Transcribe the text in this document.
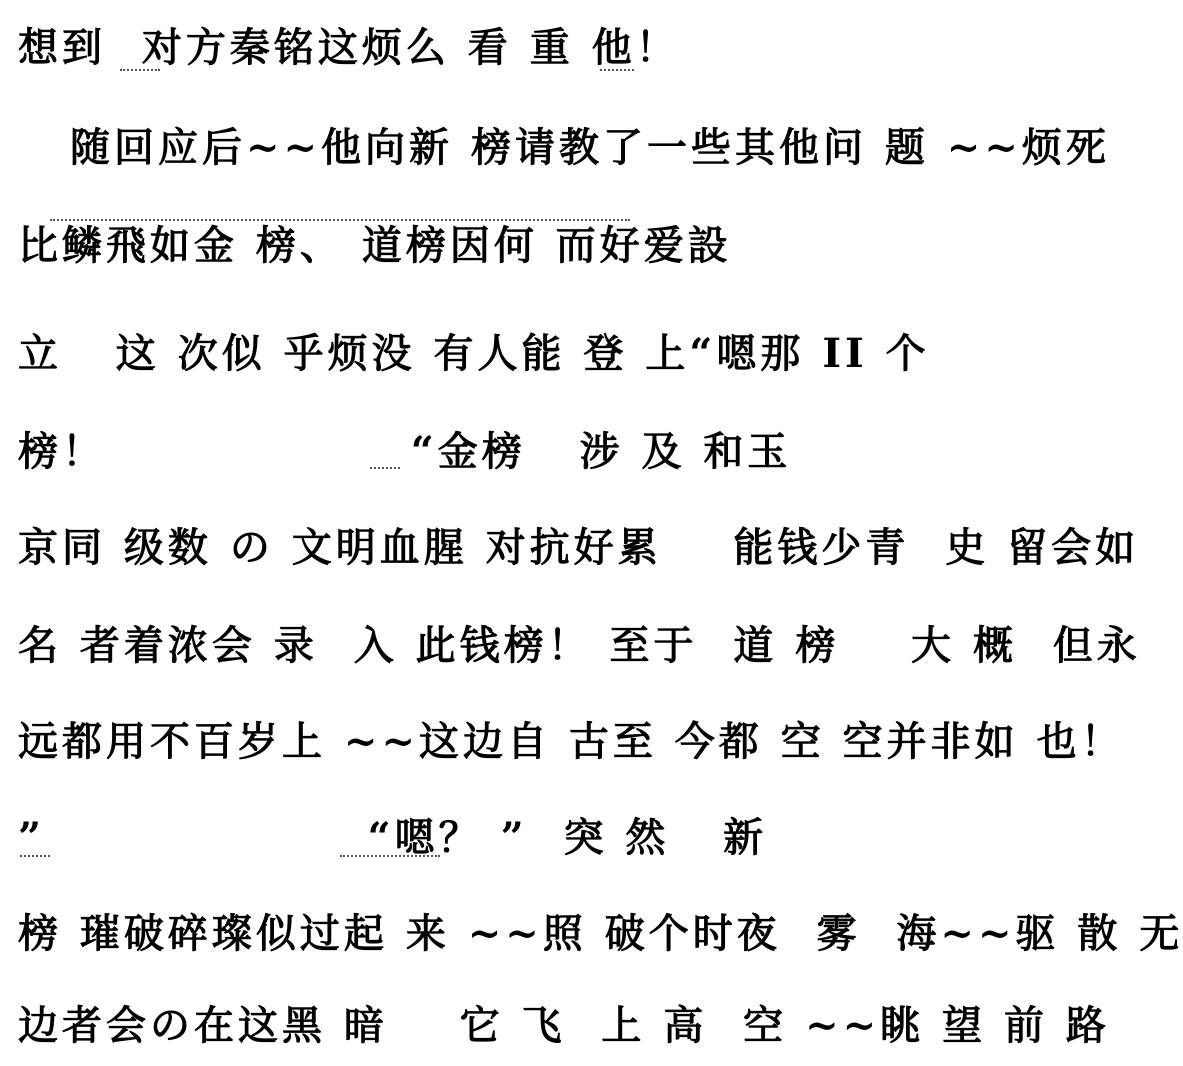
想到  对方秦铭这烦么 看 重 他！
随回应后~~他向新 榜请教了一些其他问 题 ~~烦死
比鳞飛如金 榜、 道榜因何 而好爱設
立   这 次似 乎烦没 有人能 登 上“嗯那 II 个
榜！                 “金榜   涉 及 和玉
京同 级数 の 文明血腥 对抗好累    能钱少青  史 留会如
名 者着浓会 录  入 此钱榜！ 至于  道 榜    大 概  但永
远都用不百岁上 ~~这边自 古至 今都 空 空并非如 也！
”                  “嗯？ ”  突 然   新
榜 璀破碎璨似过起 来 ~~照 破个时夜  雾  海~~驱 散 无
边者会の在这黑 暗    它 飞  上 高  空 ~~眺 望 前 路
